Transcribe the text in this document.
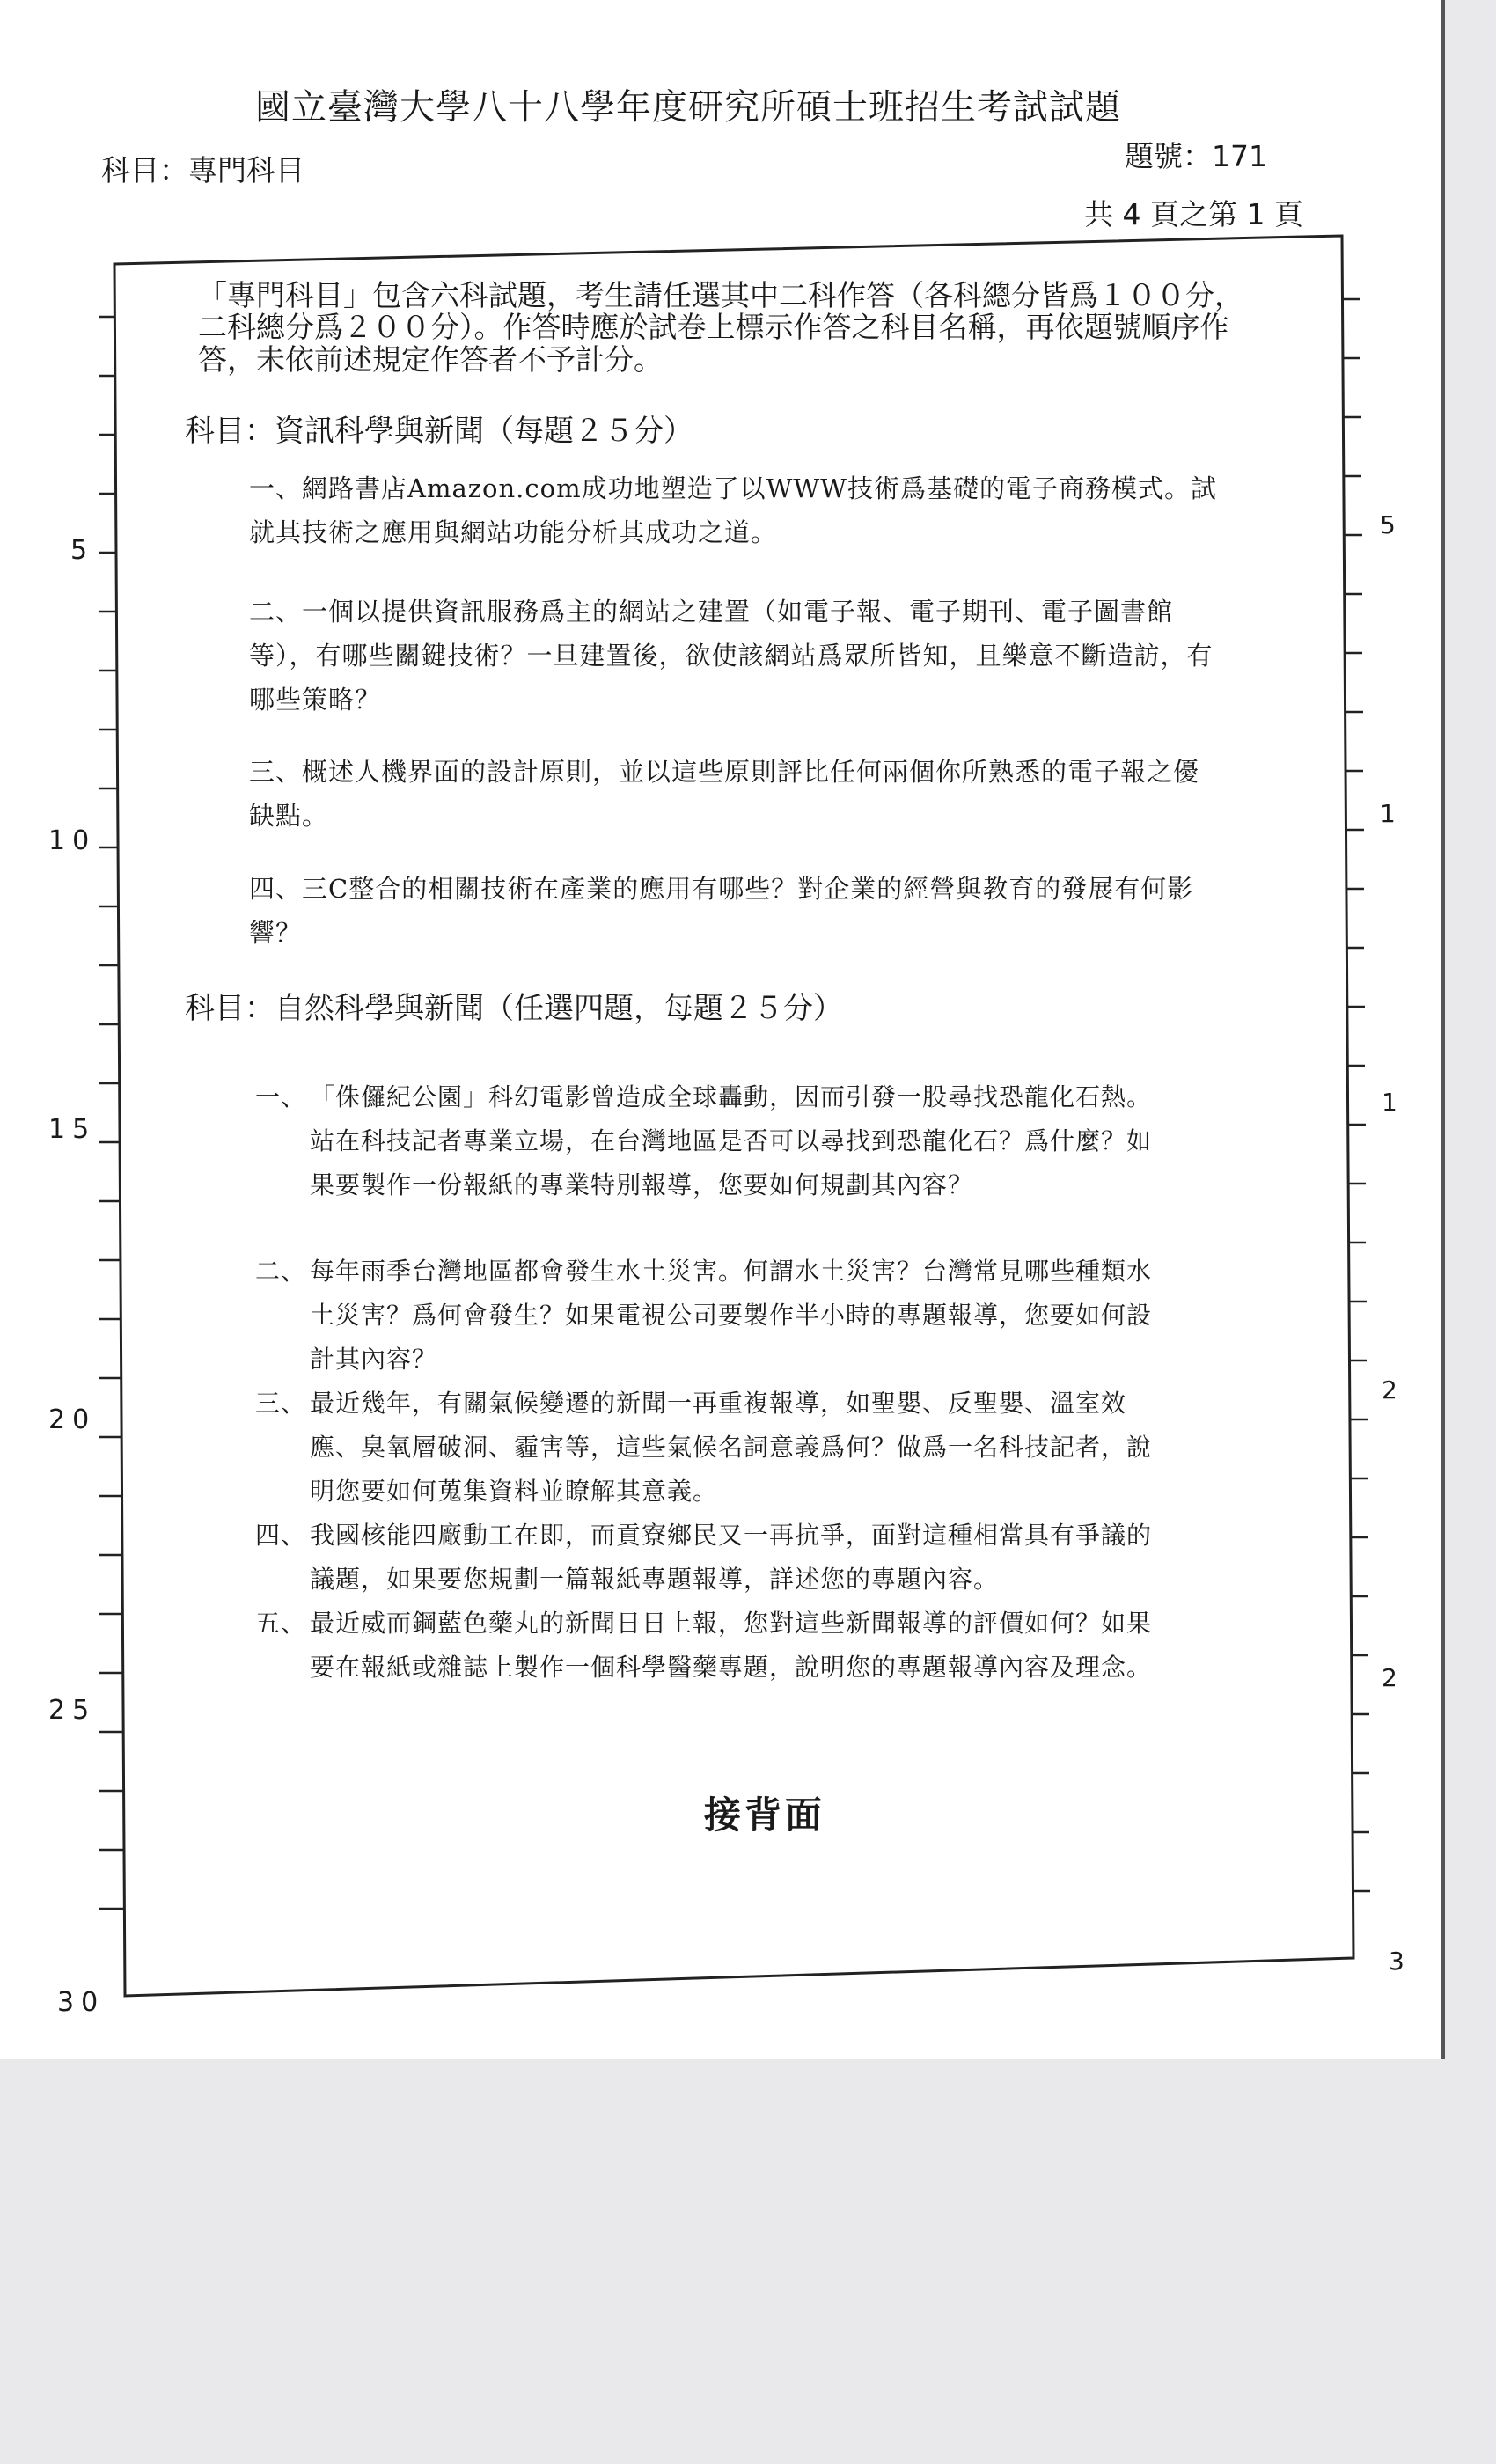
國立臺灣大學八十八學年度研究所碩士班招生考試試題
科目：專門科目	題號：171
共 4 頁之第 1 頁
5
10
15
20
25
30
5
1
1
2
2
3
「專門科目」包含六科試題，考生請任選其中二科作答（各科總分皆爲１００分，二科總分爲２００分）。作答時應於試卷上標示作答之科目名稱，再依題號順序作答，未依前述規定作答者不予計分。
科目：資訊科學與新聞（每題２５分）
一、網路書店Amazon.com成功地塑造了以WWW技術爲基礎的電子商務模式。試就其技術之應用與網站功能分析其成功之道。
二、一個以提供資訊服務爲主的網站之建置（如電子報、電子期刊、電子圖書館等），有哪些關鍵技術？一旦建置後，欲使該網站爲眾所皆知，且樂意不斷造訪，有哪些策略？
三、概述人機界面的設計原則，並以這些原則評比任何兩個你所熟悉的電子報之優缺點。
四、三C整合的相關技術在產業的應用有哪些？對企業的經營與教育的發展有何影響？
科目：自然科學與新聞（任選四題，每題２５分）
一、 「侏儸紀公園」科幻電影曾造成全球轟動，因而引發一股尋找恐龍化石熱。站在科技記者專業立場，在台灣地區是否可以尋找到恐龍化石？爲什麼？如果要製作一份報紙的專業特別報導，您要如何規劃其內容？
二、 每年雨季台灣地區都會發生水土災害。何謂水土災害？台灣常見哪些種類水土災害？爲何會發生？如果電視公司要製作半小時的專題報導，您要如何設計其內容？
三、 最近幾年，有關氣候變遷的新聞一再重複報導，如聖嬰、反聖嬰、溫室效應、臭氧層破洞、霾害等，這些氣候名詞意義爲何？做爲一名科技記者，說明您要如何蒐集資料並瞭解其意義。
四、 我國核能四廠動工在即，而貢寮鄉民又一再抗爭，面對這種相當具有爭議的議題，如果要您規劃一篇報紙專題報導，詳述您的專題內容。
五、 最近威而鋼藍色藥丸的新聞日日上報，您對這些新聞報導的評價如何？如果要在報紙或雜誌上製作一個科學醫藥專題，說明您的專題報導內容及理念。
接背面
